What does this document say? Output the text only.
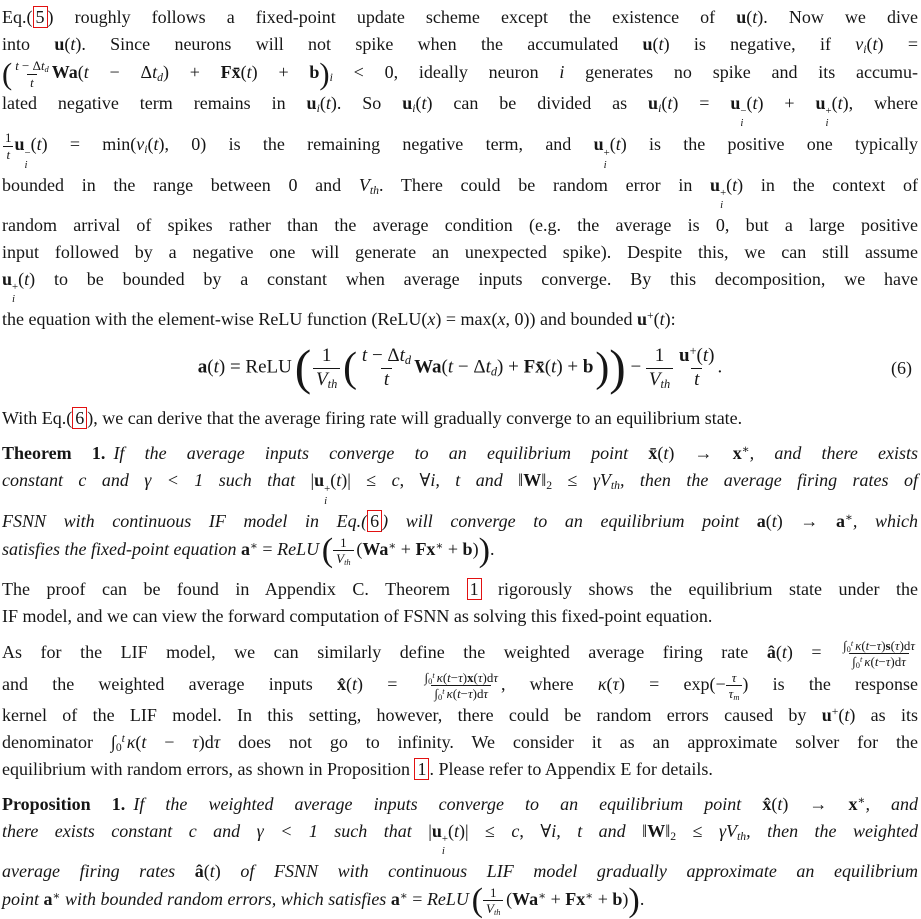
Eq.( 5 ) roughly follows a fixed-point update scheme except the existence of u(t). Now we dive
into u(t). Since neurons will not spike when the accumulated u(t) is negative, if $v_i(t)$ =
( $\frac{t - \Delta t_d}{t} Wa(t - \Delta t_d)$ + Fx̄(t) + $b)_i < 0$, ideally neuron i generates no spike and its accumu-
lated negative term remains in $u_i(t)$. So $u_i(t)$ can be divided as $u_i(t) = u$ −
i
(t) + u +
i
(t), where
$\frac{1}{t}$ u −
i
$(t) = \min(v_i(t)$, 0) is the remaining negative term, and u +
i
(t) is the positive one typically
bounded in the range between 0 and $V_{th}$. There could be random error in u +
i
(t) in the context of
random arrival of spikes rather than the average condition (e.g. the average is 0, but a large positive
input followed by a negative one will generate an unexpected spike). Despite this, we can still assume
u +
i
(t) to be bounded by a constant when average inputs converge. By this decomposition, we have
the equation with the element-wise ReLU function (ReLU(x) = max(x, 0)) and bounded u+(t):
a(t) = ReLU( $\frac{1}{V_{th}}$ ( $\frac{t - \Delta t_d}{t} Wa(t - \Delta t_d)$ + Fx̄(t) + $b)) - \frac{1}{V_{th}} \frac{u^+(t)}{t}$ .	(6)
With Eq.( 6 ), we can derive that the average firing rate will gradually converge to an equilibrium state.
Theorem 1. If the average inputs converge to an equilibrium point x̄(t) → x∗, and there exists
constant c and γ < 1 such that |u +
i
(t)| ≤ c, ∀i, t and $‖W‖_2 \le \gamma V_{th}$, then the average firing rates of
FSNN with continuous IF model in Eq.( 6 ) will converge to an equilibrium point a(t) → a∗, which
satisfies the fixed-point equation a∗ = ReLU( $\frac{1}{V_{th}} (Wa^∗ + Fx^∗ + b)$).
The proof can be found in Appendix C. Theorem 1 rigorously shows the equilibrium state under the
IF model, and we can view the forward computation of FSNN as solving this fixed-point equation.
As for the LIF model, we can similarly define the weighted average firing rate â(t) = $\frac{\int_0^t \kappa(t-\tau)s(\tau)d\tau}{\int_0^t \kappa(t-\tau)d\tau}$
and the weighted average inputs x̂(t) = $\frac{\int_0^t \kappa(t-\tau)x(\tau)d\tau}{\int_0^t \kappa(t-\tau)d\tau}$ , where $\kappa(\tau) = \exp(- \frac{\tau}{\tau_m}$ ) is the response
kernel of the LIF model. In this setting, however, there could be random errors caused by u+(t) as its
denominator $\int_0^t\kappa(t - \tau)d\tau$ does not go to infinity. We consider it as an approximate solver for the
equilibrium with random errors, as shown in Proposition 1 . Please refer to Appendix E for details.
Proposition 1. If the weighted average inputs converge to an equilibrium point x̂(t) → x∗, and
there exists constant c and γ < 1 such that |u +
i
(t)| ≤ c, ∀i, t and $‖W‖_2 \le \gamma V_{th}$, then the weighted
average firing rates â(t) of FSNN with continuous LIF model gradually approximate an equilibrium
point a∗ with bounded random errors, which satisfies a∗ = ReLU( $\frac{1}{V_{th}} (Wa^∗ + Fx^∗ + b)$).
